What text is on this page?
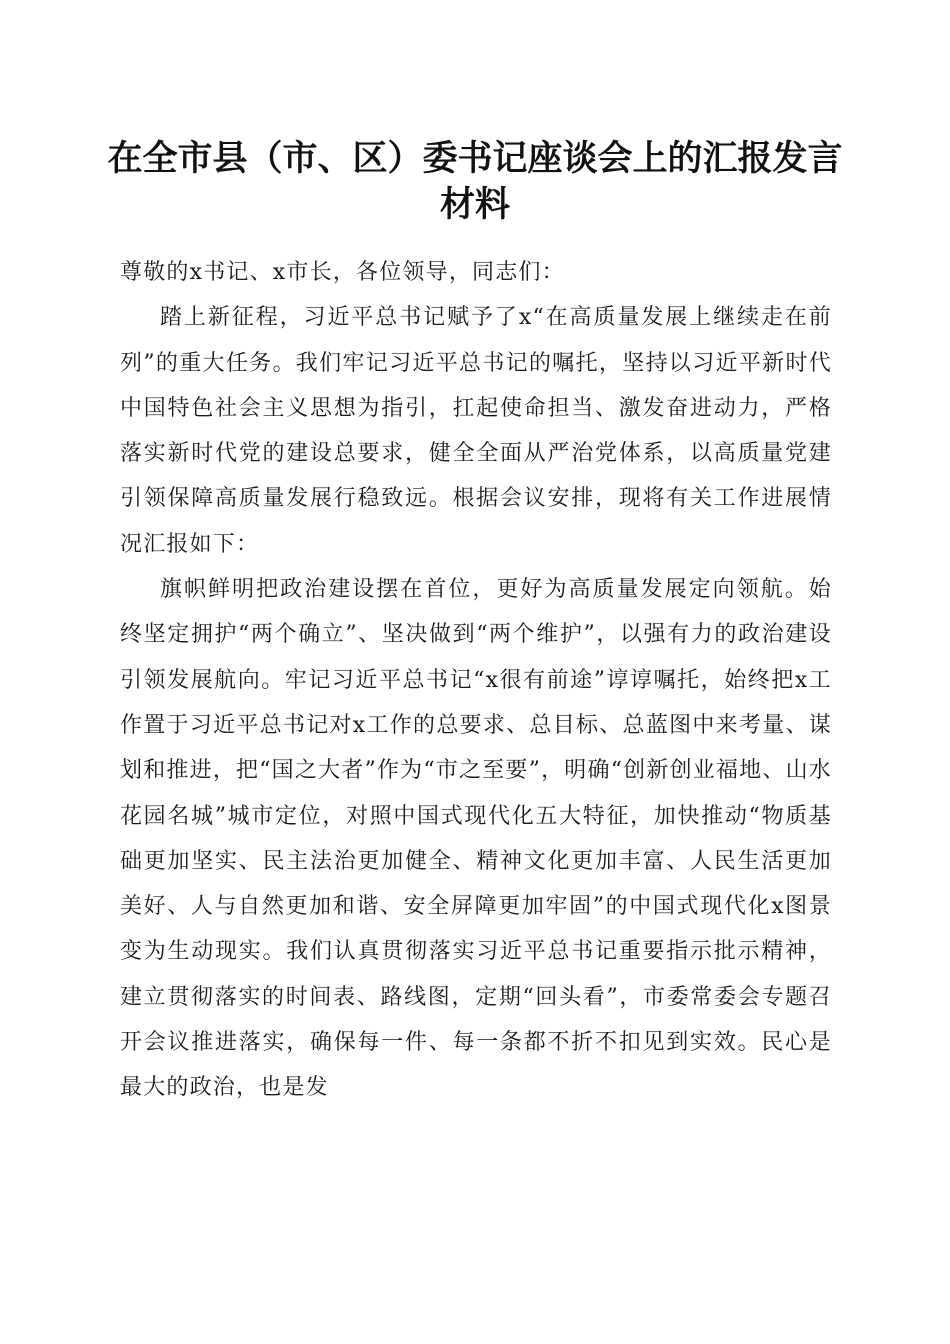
在全市县（市、区）委书记座谈会上的汇报发言材料

尊敬的x书记、x市长，各位领导，同志们：

踏上新征程，习近平总书记赋予了x“在高质量发展上继续走在前列”的重大任务。我们牢记习近平总书记的嘱托，坚持以习近平新时代中国特色社会主义思想为指引，扛起使命担当、激发奋进动力，严格落实新时代党的建设总要求，健全全面从严治党体系，以高质量党建引领保障高质量发展行稳致远。根据会议安排，现将有关工作进展情况汇报如下：

旗帜鲜明把政治建设摆在首位，更好为高质量发展定向领航。始终坚定拥护“两个确立”、坚决做到“两个维护”，以强有力的政治建设引领发展航向。牢记习近平总书记“x很有前途”谆谆嘱托，始终把x工作置于习近平总书记对x工作的总要求、总目标、总蓝图中来考量、谋划和推进，把“国之大者”作为“市之至要”，明确“创新创业福地、山水花园名城”城市定位，对照中国式现代化五大特征，加快推动“物质基础更加坚实、民主法治更加健全、精神文化更加丰富、人民生活更加美好、人与自然更加和谐、安全屏障更加牢固”的中国式现代化x图景变为生动现实。我们认真贯彻落实习近平总书记重要指示批示精神，建立贯彻落实的时间表、路线图，定期“回头看”，市委常委会专题召开会议推进落实，确保每一件、每一条都不折不扣见到实效。民心是最大的政治，也是发
